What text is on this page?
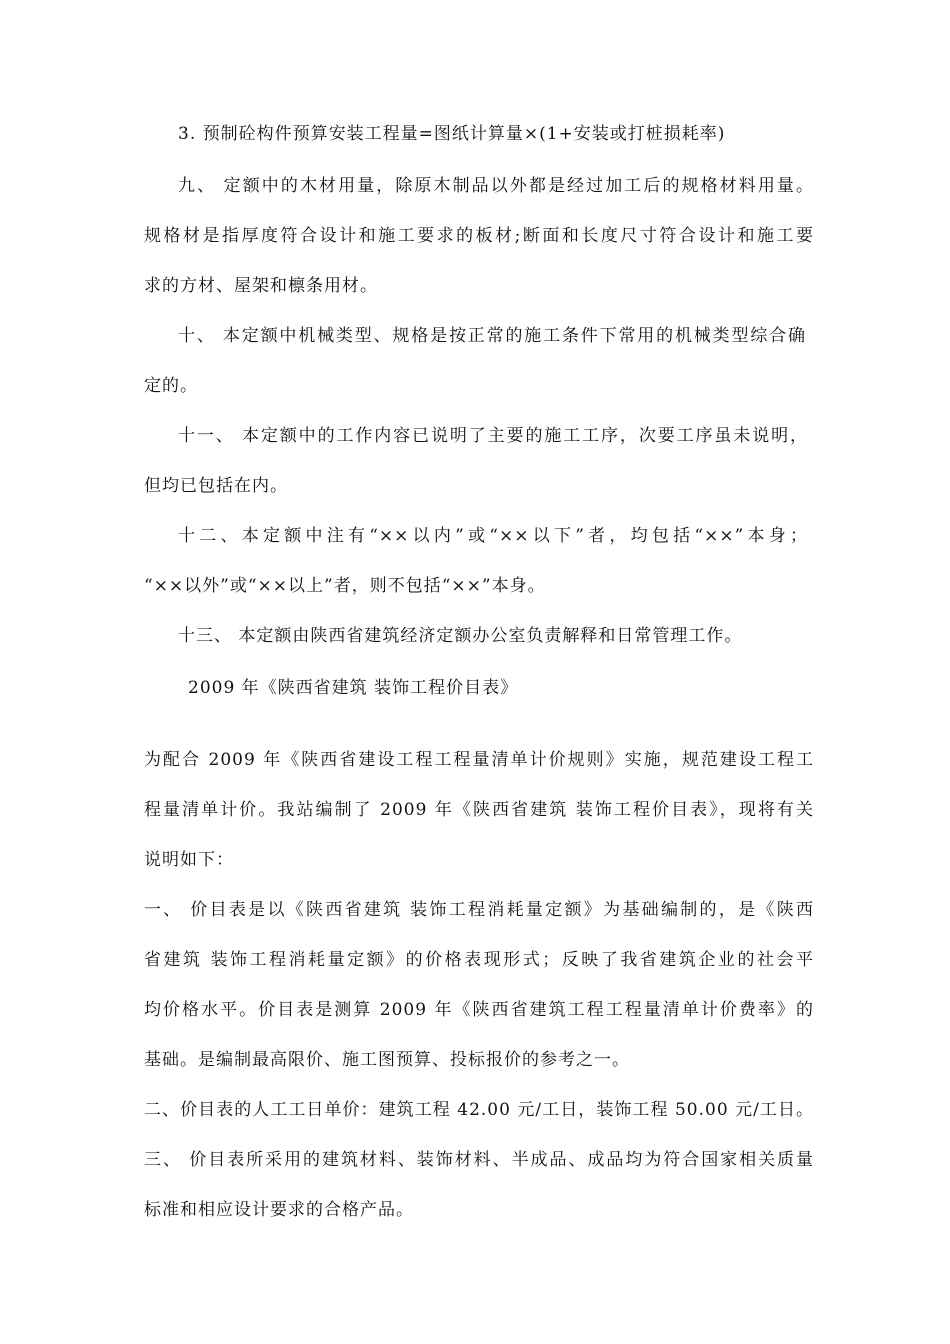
3. 预制砼构件预算安装工程量=图纸计算量×(1+安装或打桩损耗率)

九、 定额中的木材用量，除原木制品以外都是经过加工后的规格材料用量。

规格材是指厚度符合设计和施工要求的板材;断面和长度尺寸符合设计和施工要

求的方材、屋架和檩条用材。

十、 本定额中机械类型、规格是按正常的施工条件下常用的机械类型综合确

定的。

十一、 本定额中的工作内容已说明了主要的施工工序，次要工序虽未说明，

但均已包括在内。

十二、本定额中注有“××以内”或“××以下”者，均包括“××”本身；

“××以外”或“××以上”者，则不包括“××”本身。

十三、 本定额由陕西省建筑经济定额办公室负责解释和日常管理工作。

2009 年《陕西省建筑 装饰工程价目表》

为配合 2009 年《陕西省建设工程工程量清单计价规则》实施，规范建设工程工

程量清单计价。我站编制了 2009 年《陕西省建筑 装饰工程价目表》，现将有关

说明如下：

一、 价目表是以《陕西省建筑 装饰工程消耗量定额》为基础编制的，是《陕西

省建筑 装饰工程消耗量定额》的价格表现形式；反映了我省建筑企业的社会平

均价格水平。价目表是测算 2009 年《陕西省建筑工程工程量清单计价费率》的

基础。是编制最高限价、施工图预算、投标报价的参考之一。

二、价目表的人工工日单价：建筑工程 42.00 元/工日，装饰工程 50.00 元/工日。

三、 价目表所采用的建筑材料、装饰材料、半成品、成品均为符合国家相关质量

标准和相应设计要求的合格产品。
